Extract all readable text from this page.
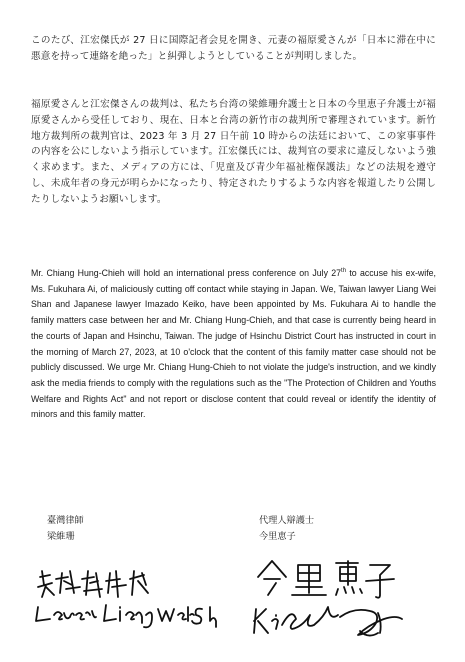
このたび、江宏傑氏が 27 日に国際記者会見を開き、元妻の福原愛さんが「日本に滞在中に悪意を持って連絡を絶った」と糾弾しようとしていることが判明しました。

福原愛さんと江宏傑さんの裁判は、私たち台湾の梁維珊弁護士と日本の今里恵子弁護士が福原愛さんから受任しており、現在、日本と台湾の新竹市の裁判所で審理されています。新竹地方裁判所の裁判官は、2023 年 3 月 27 日午前 10 時からの法廷において、この家事事件の内容を公にしないよう指示しています。江宏傑氏には、裁判官の要求に違反しないよう強く求めます。また、メディアの方には、「児童及び青少年福祉権保護法」などの法規を遵守し、未成年者の身元が明らかになったり、特定されたりするような内容を報道したり公開したりしないようお願いします。

Mr. Chiang Hung-Chieh will hold an international press conference on July 27th to accuse his ex-wife, Ms. Fukuhara Ai, of maliciously cutting off contact while staying in Japan. We, Taiwan lawyer Liang Wei Shan and Japanese lawyer Imazado Keiko, have been appointed by Ms. Fukuhara Ai to handle the family matters case between her and Mr. Chiang Hung-Chieh, and that case is currently being heard in the courts of Japan and Hsinchu, Taiwan. The judge of Hsinchu District Court has instructed in court in the morning of March 27, 2023, at 10 o'clock that the content of this family matter case should not be publicly discussed. We urge Mr. Chiang Hung-Chieh to not violate the judge's instruction, and we kindly ask the media friends to comply with the regulations such as the "The Protection of Children and Youths Welfare and Rights Act" and not report or disclose content that could reveal or identify the identity of minors and this family matter.

臺灣律師
梁維珊
代理人辯護士
今里恵子
